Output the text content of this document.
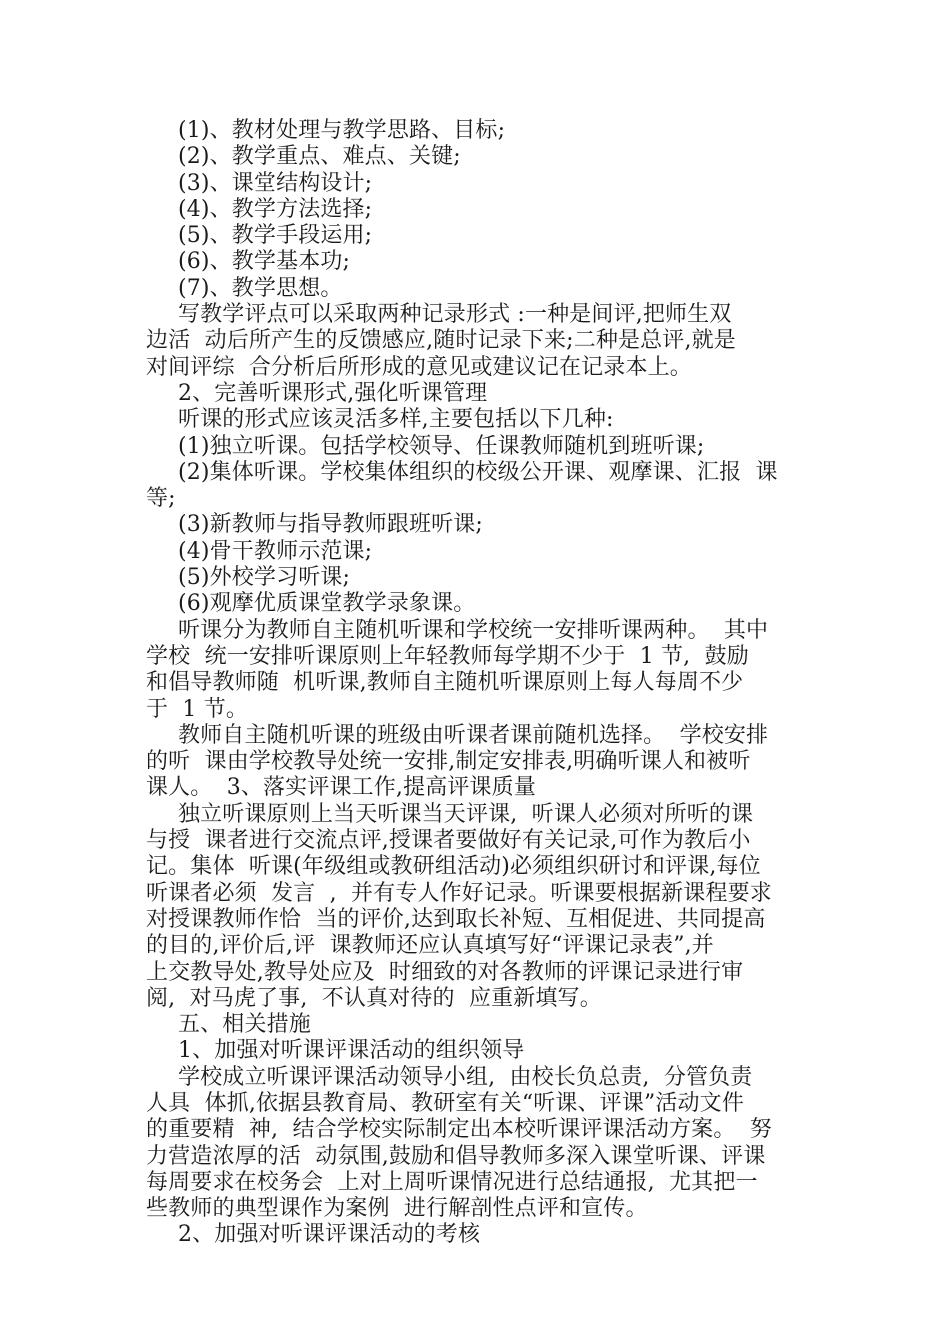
(1)、教材处理与教学思路、目标;
(2)、教学重点、难点、关键;
(3)、课堂结构设计;
(4)、教学方法选择;
(5)、教学手段运用;
(6)、教学基本功;
(7)、教学思想。
写教学评点可以采取两种记录形式 :一种是间评,把师生双
边活  动后所产生的反馈感应,随时记录下来;二种是总评,就是
对间评综  合分析后所形成的意见或建议记在记录本上。
2、完善听课形式,强化听课管理
听课的形式应该灵活多样,主要包括以下几种:
(1)独立听课。包括学校领导、任课教师随机到班听课;
(2)集体听课。学校集体组织的校级公开课、观摩课、汇报  课
等;
(3)新教师与指导教师跟班听课;
(4)骨干教师示范课;
(5)外校学习听课;
(6)观摩优质课堂教学录象课。
听课分为教师自主随机听课和学校统一安排听课两种。  其中
学校  统一安排听课原则上年轻教师每学期不少于  1 节,  鼓励
和倡导教师随  机听课,教师自主随机听课原则上每人每周不少
于  1 节。
教师自主随机听课的班级由听课者课前随机选择。  学校安排
的听  课由学校教导处统一安排,制定安排表,明确听课人和被听
课人。  3、落实评课工作,提高评课质量
独立听课原则上当天听课当天评课,  听课人必须对所听的课
与授  课者进行交流点评,授课者要做好有关记录,可作为教后小
记。集体  听课(年级组或教研组活动)必须组织研讨和评课,每位
听课者必须  发言  ,  并有专人作好记录。听课要根据新课程要求
对授课教师作恰  当的评价,达到取长补短、互相促进、共同提高
的目的,评价后,评  课教师还应认真填写好“评课记录表”,并
上交教导处,教导处应及  时细致的对各教师的评课记录进行审
阅,  对马虎了事,  不认真对待的  应重新填写。
五、相关措施
1、加强对听课评课活动的组织领导
学校成立听课评课活动领导小组,  由校长负总责,  分管负责
人具  体抓,依据县教育局、教研室有关“听课、评课”活动文件
的重要精  神,  结合学校实际制定出本校听课评课活动方案。  努
力营造浓厚的活  动氛围,鼓励和倡导教师多深入课堂听课、评课
每周要求在校务会  上对上周听课情况进行总结通报,  尤其把一
些教师的典型课作为案例  进行解剖性点评和宣传。
2、加强对听课评课活动的考核
